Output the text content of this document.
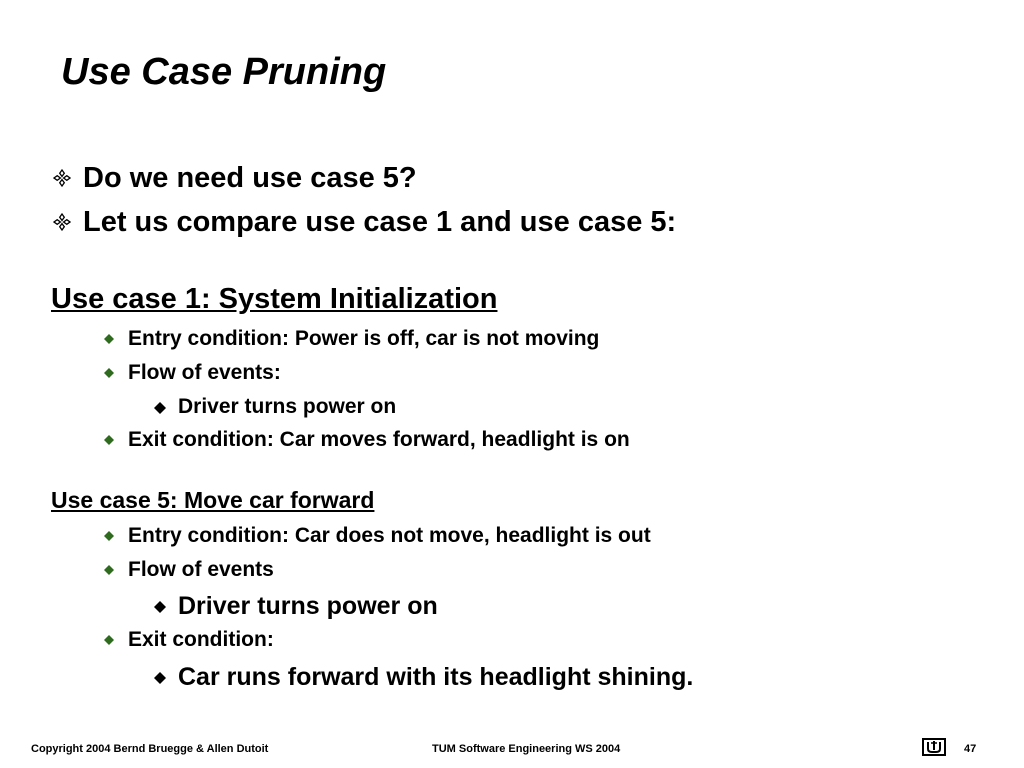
Use Case Pruning
Do we need use case 5?
Let us compare use case 1 and use case 5:
Use case 1: System Initialization
Entry condition: Power is off, car is not moving
Flow of events:
Driver turns power on
Exit condition: Car moves forward, headlight is on
Use case 5: Move car forward
Entry condition: Car does not move, headlight is out
Flow of events
Driver turns power on
Exit condition:
Car runs forward with its headlight shining.
Copyright 2004 Bernd Bruegge & Allen Dutoit	TUM Software Engineering WS 2004	47
